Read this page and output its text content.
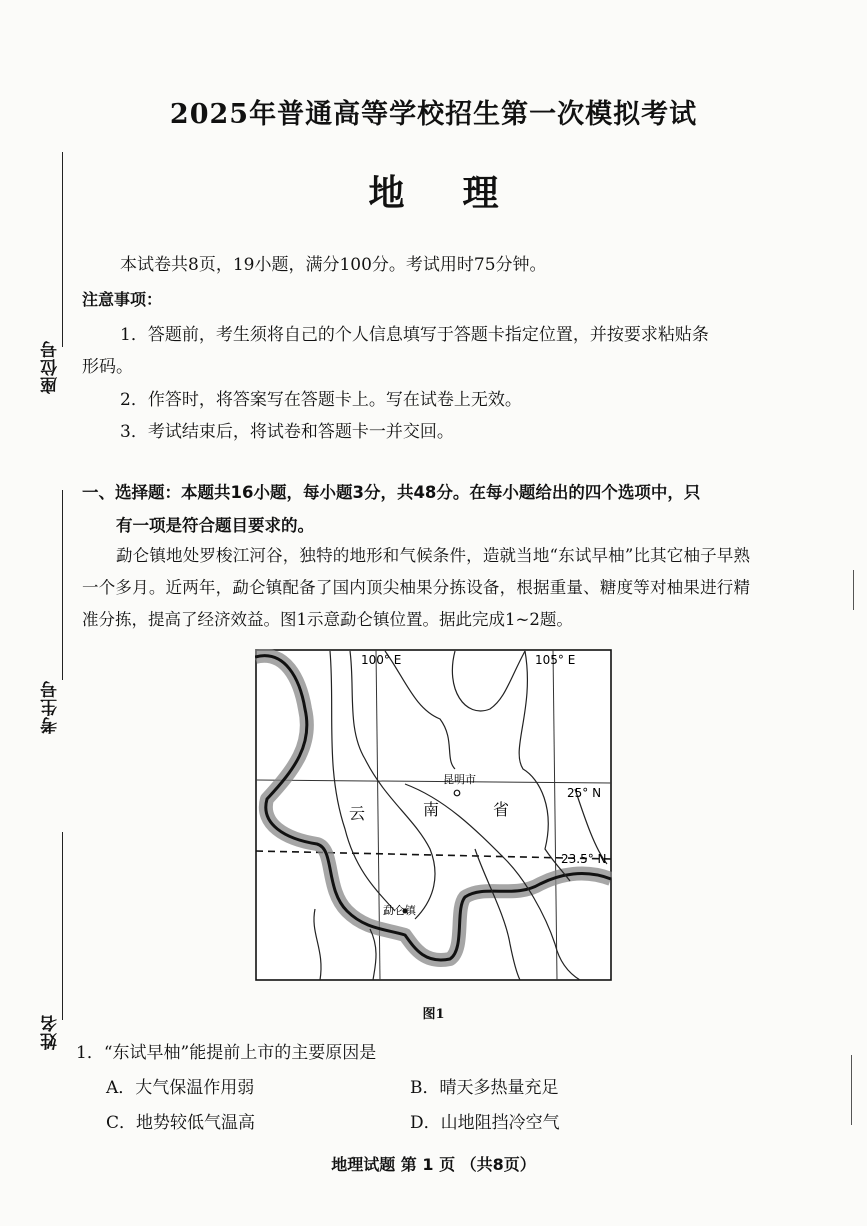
座位号
考生号
姓名
2025年普通高等学校招生第一次模拟考试
地理
本试卷共8页，19小题，满分100分。考试用时75分钟。
注意事项：
1．答题前，考生须将自己的个人信息填写于答题卡指定位置，并按要求粘贴条
形码。
2．作答时，将答案写在答题卡上。写在试卷上无效。
3．考试结束后，将试卷和答题卡一并交回。
一、选择题：本题共16小题，每小题3分，共48分。在每小题给出的四个选项中，只
有一项是符合题目要求的。

勐仑镇地处罗梭江河谷，独特的地形和气候条件，造就当地“东试早柚”比其它柚子早熟一个多月。近两年，勐仑镇配备了国内顶尖柚果分拣设备，根据重量、糖度等对柚果进行精准分拣，提高了经济效益。图1示意勐仑镇位置。据此完成1~2题。

100° E	105° E
25° N
23.5° N
昆明市
云	南	省
勐仑镇
图1
1．“东试早柚”能提前上市的主要原因是
A．大气保温作用弱	B．晴天多热量充足
C．地势较低气温高	D．山地阻挡冷空气
地理试题 第 1 页 （共8页）
